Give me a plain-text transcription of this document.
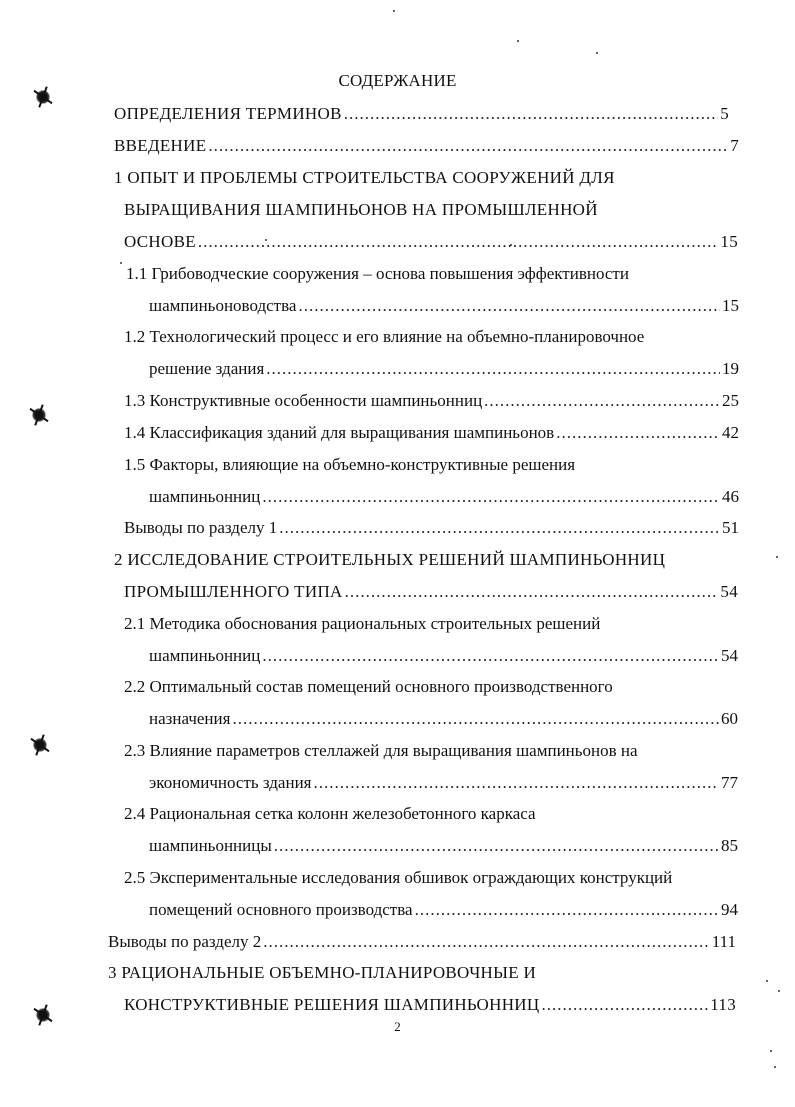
СОДЕРЖАНИЕ
ОПРЕДЕЛЕНИЯ ТЕРМИНОВ .....	5
ВВЕДЕНИЕ .....	7
1 ОПЫТ И ПРОБЛЕМЫ СТРОИТЕЛЬСТВА СООРУЖЕНИЙ ДЛЯ
ВЫРАЩИВАНИЯ ШАМПИНЬОНОВ НА ПРОМЫШЛЕННОЙ
ОСНОВЕ .....	15
1.1 Грибоводческие сооружения – основа повышения эффективности
шампиньоноводства .....	15
1.2 Технологический процесс и его влияние на объемно-планировочное
решение здания .....	19
1.3 Конструктивные особенности шампиньонниц .....	25
1.4 Классификация зданий для выращивания шампиньонов .....	42
1.5 Факторы, влияющие на объемно-конструктивные решения
шампиньонниц .....	46
Выводы по разделу 1 .....	51
2 ИССЛЕДОВАНИЕ СТРОИТЕЛЬНЫХ РЕШЕНИЙ ШАМПИНЬОННИЦ
ПРОМЫШЛЕННОГО ТИПА .....	54
2.1 Методика обоснования рациональных строительных решений
шампиньонниц .....	54
2.2 Оптимальный состав помещений основного производственного
назначения .....	60
2.3 Влияние параметров стеллажей для выращивания шампиньонов на
экономичность здания .....	77
2.4 Рациональная сетка колонн железобетонного каркаса
шампиньонницы .....	85
2.5 Экспериментальные исследования обшивок ограждающих конструкций
помещений основного производства .....	94
Выводы по разделу 2 .....	111
3 РАЦИОНАЛЬНЫЕ ОБЪЕМНО-ПЛАНИРОВОЧНЫЕ И
КОНСТРУКТИВНЫЕ РЕШЕНИЯ ШАМПИНЬОННИЦ .....	113
2
